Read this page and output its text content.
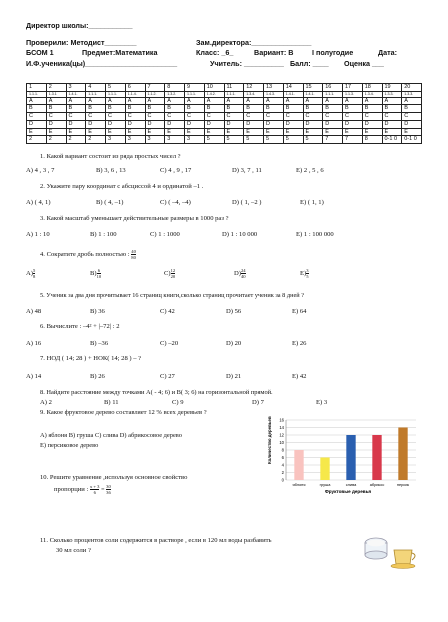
Директор школы:___________
Проверили: Методист________	Зам.директора:_______________
БСОМ 1	Предмет:Математика	Класс: _6_	Вариант: В	I полугодие	Дата:
И.Ф.ученика(цы)_______________________	Учитель: __________ Балл: ____ Оценка ___
1	2	3	4	5	6	7	8	9	10	11	12	13	14	15	16	17	18	19	20
1.1.1.	1.3.1	1.4.1.	1.1.1.	1.1.1.	1.1.4.	1.1.2.	1.3.2.	1.1.1.	1.4.2.	1.1.1.	1.3.4.	1.4.3.	1.4.1.	1.4.1.	1.1.1.	1.1.3.	1.3.4.	1.3.3.	1.3.3.
A	A	A	A	A	A	A	A	A	A	A	A	A	A	A	A	A	A	A	A
B	B	B	B	B	B	B	B	B	B	B	B	B	B	B	B	B	B	B	B
C	C	C	C	C	C	C	C	C	C	C	C	C	C	C	C	C	C	C	C
D	D	D	D	D	D	D	D	D	D	D	D	D	D	D	D	D	D	D	D
E	E	E	E	E	E	E	E	E	E	E	E	E	E	E	E	E	E	E	E
2	2	2	2	3	3	3	3	3	5	5	5	5	5	5	7	7	8	0-1 0	0-1 0
1. Какой вариант состоит из ряда простых чисел ?
A) 4 , 3 , 7	B) 3, 6 , 13	C) 4 , 9 , 17	D) 3, 7 , 11	E) 2 , 5 , 6
2. Укажите пару координат с абсциссой 4 и ординатой –1 .
A) ( 4, 1)	B) ( 4, –1)	C) ( –4, –4)	D) ( 1, –2 )	E) ( 1, 1)
3. Какой масштаб уменьшает действительные размеры в 1000 раз ?
A) 1 : 10	B) 1 : 100	C) 1 : 1000	D) 1 : 10 000	E) 1 : 100 000
4. Сократите дробь полностью : $\frac{40}{80}$
$A) \frac{5}{8}$	$B) \frac{6}{10}$	$C) \frac{12}{20}$	$D) \frac{24}{40}$	$E) \frac{3}{5}$
5. Ученик за два дня прочитывает 16 страниц книги,сколько страниц прочитает ученик за 8 дней ?
A) 48	B) 36	C) 42	D) 56	E) 64
6. Вычислите : –4² + |–72| : 2
A) 16	B) –36	C) –20	D) 20	E) 26
7. НОД ( 14; 28 ) + НОК( 14; 28 ) – ?
A) 14	B) 26	C) 27	D) 21	E) 42
8. Найдите расстояние между точками А( - 4; 6) и В( 3; 6) на горизонтальной прямой.
A) 2	B) 11	C) 9	D) 7	E) 3
9. Какое фруктовое дерево составляет 12 % всех деревьев ?
A) яблоня B) груша C) слива D) абрикосовое дерево
E) персиковое дерево
0
2
4
6
8
10
12
14
16
яблоня	груша	слива	абрикос	персик
Количество деревьев
Фруктовые деревья
10. Решите уравнение ,используя основное свойство
пропорции : $\frac{x + 3}{6} = \frac{30}{36}$
11. Сколько процентов соли содержится в растворе , если в 120 мл воды разбавить
30 мл соли ?
